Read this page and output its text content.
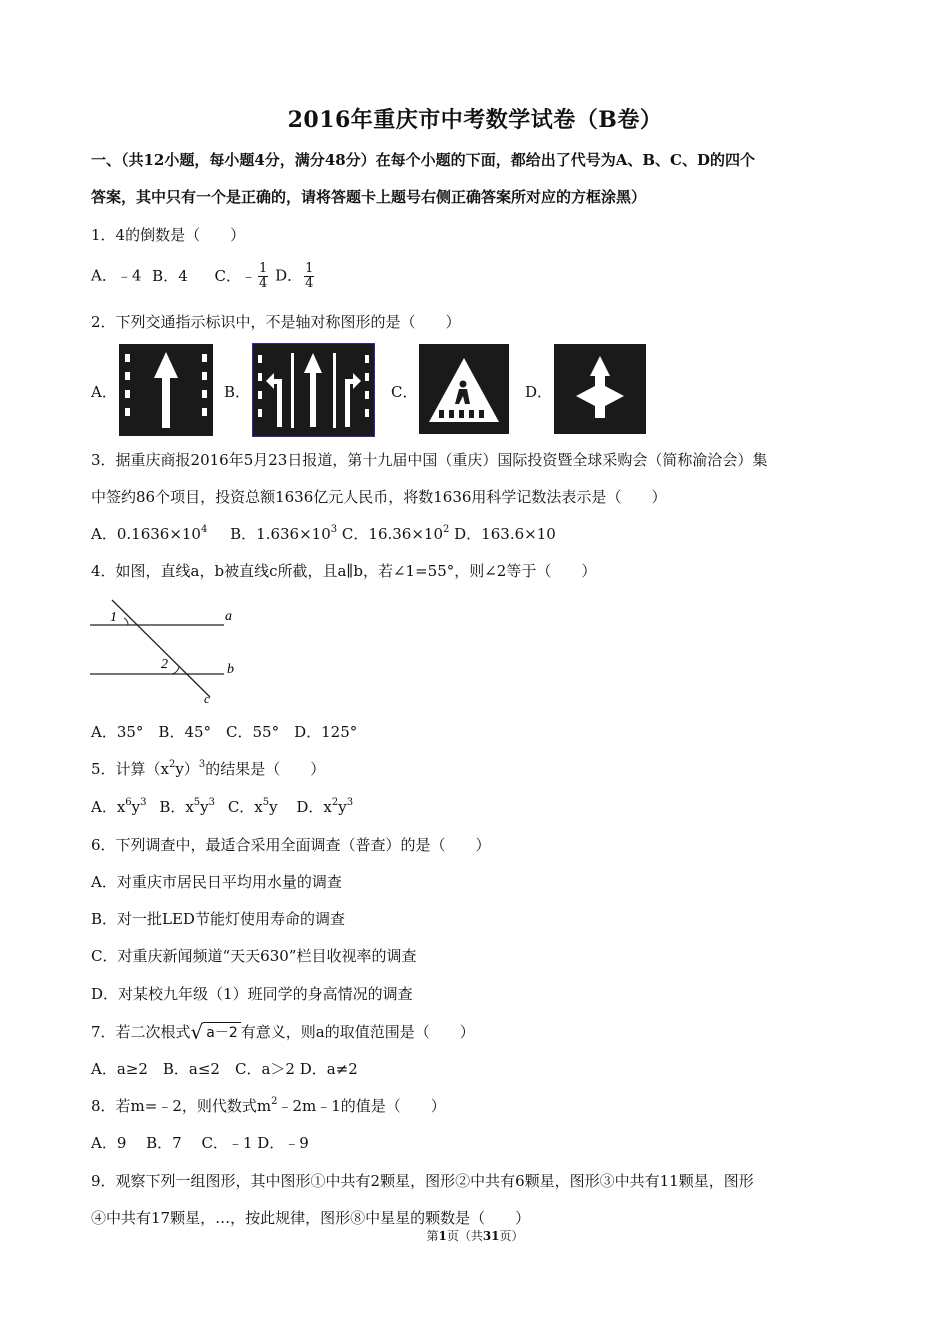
2016年重庆市中考数学试卷（B卷）
一、（共12小题，每小题4分，满分48分）在每个小题的下面，都给出了代号为A、B、C、D的四个
答案，其中只有一个是正确的，请将答题卡上题号右侧正确答案所对应的方框涂黑）
1．4的倒数是（　　）
A．﹣4 B．4 C．﹣ $\frac{1}{4}$ D． $\frac{1}{4}$
2．下列交通指示标识中，不是轴对称图形的是（　　）
A．	B．	C．	D．
3．据重庆商报2016年5月23日报道，第十九届中国（重庆）国际投资暨全球采购会（简称渝洽会）集
中签约86个项目，投资总额1636亿元人民币，将数1636用科学记数法表示是（　　）
A．$0.1636\times 10^4$ B．$1.636\times 10^3$ C．$16.36\times 10^2$ D．163.6×10
4．如图，直线a，b被直线c所截，且a∥b，若∠1=55°，则∠2等于（　　）
1
2
a
b
c
A．35°　B．45°　C．55°　D．125°
5．计算$(x^2y)^3$的结果是（　　）
A．$x^6y^3$ B．$x^5y^3$ C．$x^5y$ D．$x^2y^3$
6．下列调查中，最适合采用全面调查（普查）的是（　　）
A．对重庆市居民日平均用水量的调查
B．对一批LED节能灯使用寿命的调查
C．对重庆新闻频道“天天630”栏目收视率的调查
D．对某校九年级（1）班同学的身高情况的调查
7．若二次根式√ a－2 有意义，则a的取值范围是（　　）
A．a≥2　B．a≤2　C．a＞2 D．a≠2
8．若m=﹣2，则代数式$m^2﹣2m﹣1$的值是（　　）
A．9　 B．7　 C．﹣1 D．﹣9
9．观察下列一组图形，其中图形①中共有2颗星，图形②中共有6颗星，图形③中共有11颗星，图形
④中共有17颗星，…，按此规律，图形⑧中星星的颗数是（　　）
第1页（共31页）
